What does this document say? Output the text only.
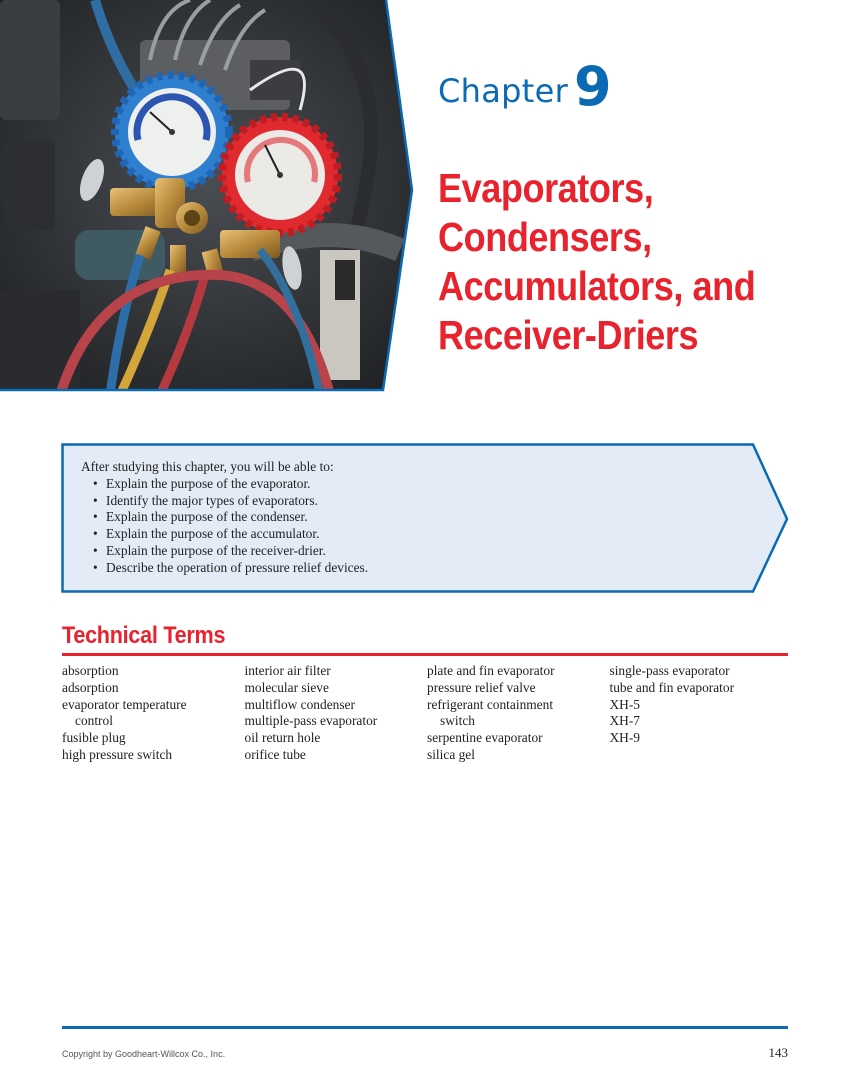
Chapter 9
Evaporators,
Condensers,
Accumulators, and
Receiver-Driers
After studying this chapter, you will be able to:
• Explain the purpose of the evaporator.
• Identify the major types of evaporators.
• Explain the purpose of the condenser.
• Explain the purpose of the accumulator.
• Explain the purpose of the receiver-drier.
• Describe the operation of pressure relief devices.
Technical Terms
absorption
adsorption
evaporator temperature
control
fusible plug
high pressure switch
interior air filter
molecular sieve
multiflow condenser
multiple-pass evaporator
oil return hole
orifice tube
plate and fin evaporator
pressure relief valve
refrigerant containment
switch
serpentine evaporator
silica gel
single-pass evaporator
tube and fin evaporator
XH-5
XH-7
XH-9
Copyright by Goodheart-Willcox Co., Inc.	143
